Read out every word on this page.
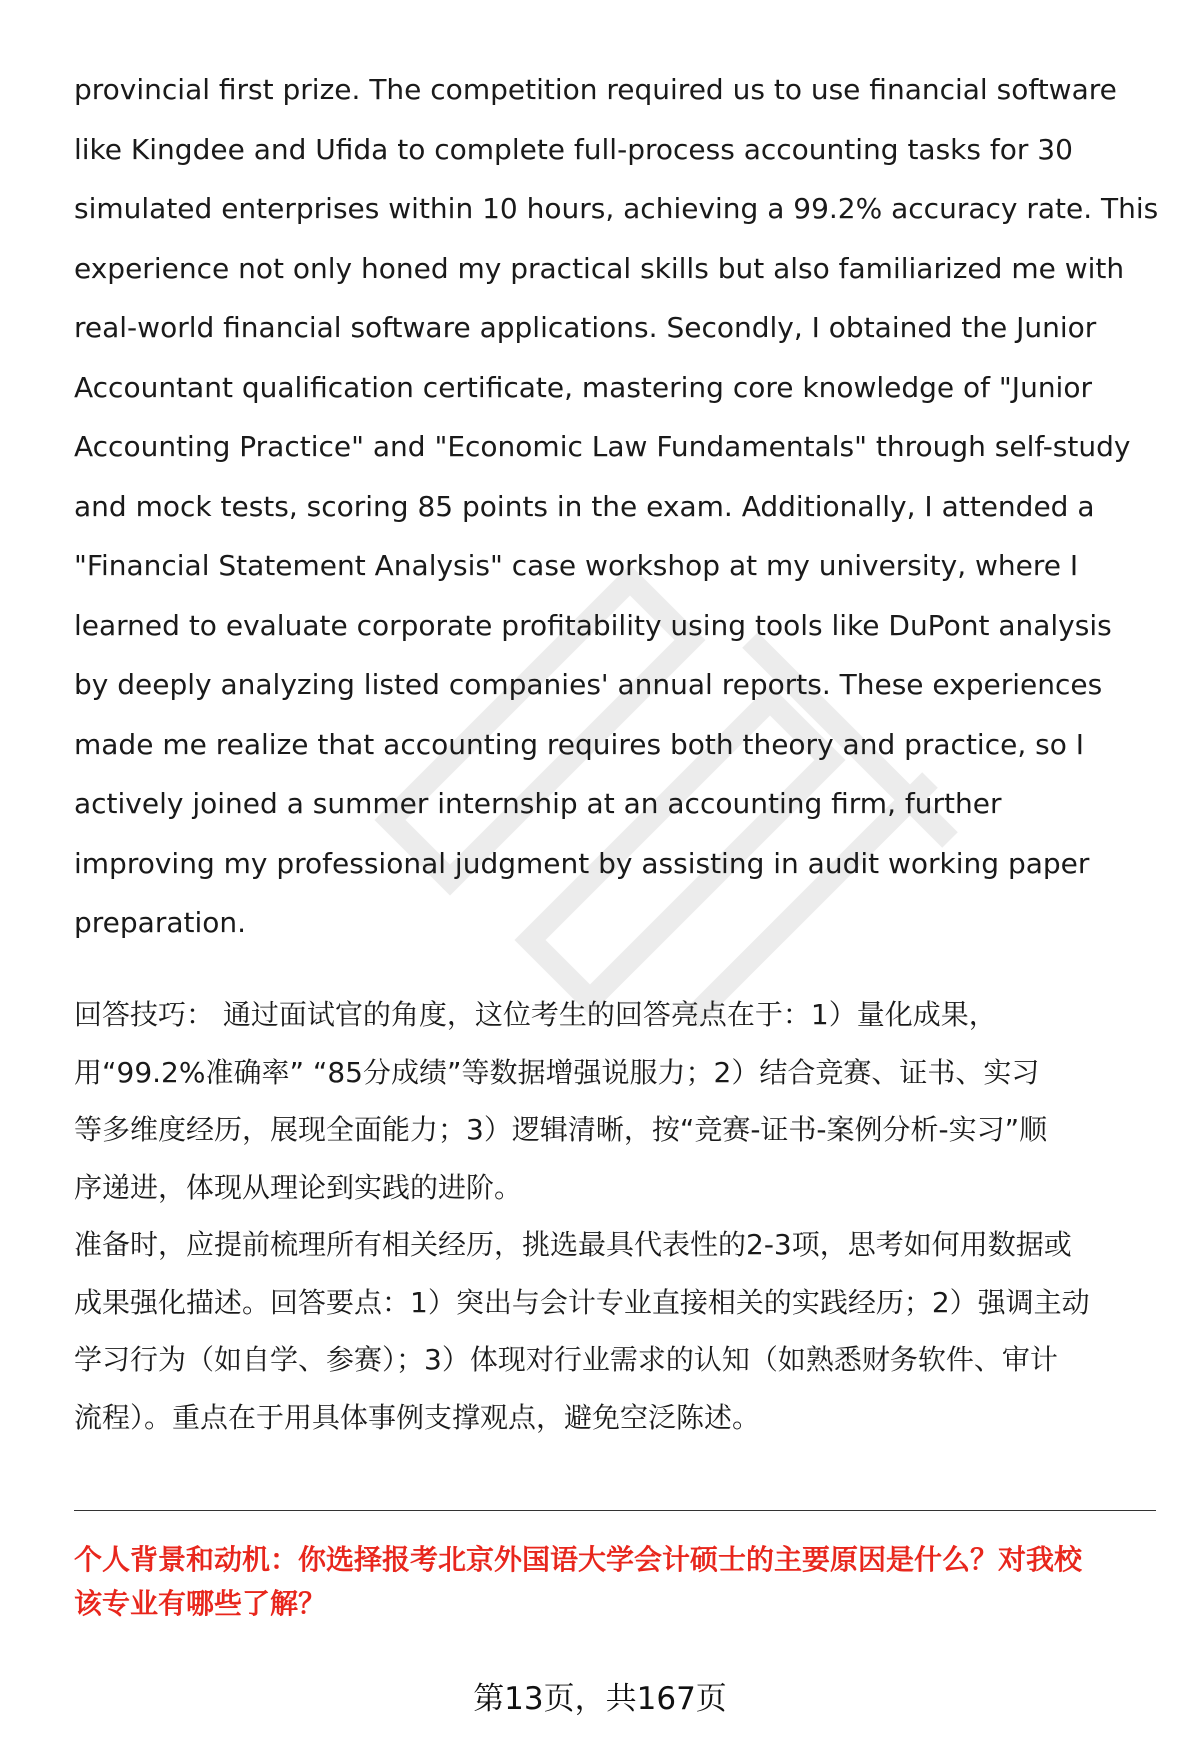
provincial first prize. The competition required us to use financial software
like Kingdee and Ufida to complete full-process accounting tasks for 30
simulated enterprises within 10 hours, achieving a 99.2% accuracy rate. This
experience not only honed my practical skills but also familiarized me with
real-world financial software applications. Secondly, I obtained the Junior
Accountant qualification certificate, mastering core knowledge of "Junior
Accounting Practice" and "Economic Law Fundamentals" through self-study
and mock tests, scoring 85 points in the exam. Additionally, I attended a
"Financial Statement Analysis" case workshop at my university, where I
learned to evaluate corporate profitability using tools like DuPont analysis
by deeply analyzing listed companies' annual reports. These experiences
made me realize that accounting requires both theory and practice, so I
actively joined a summer internship at an accounting firm, further
improving my professional judgment by assisting in audit working paper
preparation.

回答技巧： 通过面试官的角度，这位考生的回答亮点在于：1）量化成果，
用“99.2%准确率” “85分成绩”等数据增强说服力；2）结合竞赛、证书、实习
等多维度经历，展现全面能力；3）逻辑清晰，按“竞赛-证书-案例分析-实习”顺
序递进，体现从理论到实践的进阶。
准备时，应提前梳理所有相关经历，挑选最具代表性的2-3项，思考如何用数据或
成果强化描述。回答要点：1）突出与会计专业直接相关的实践经历；2）强调主动
学习行为（如自学、参赛）；3）体现对行业需求的认知（如熟悉财务软件、审计
流程）。重点在于用具体事例支撑观点，避免空泛陈述。

个人背景和动机：你选择报考北京外国语大学会计硕士的主要原因是什么？对我校
该专业有哪些了解？
第13页，共167页
